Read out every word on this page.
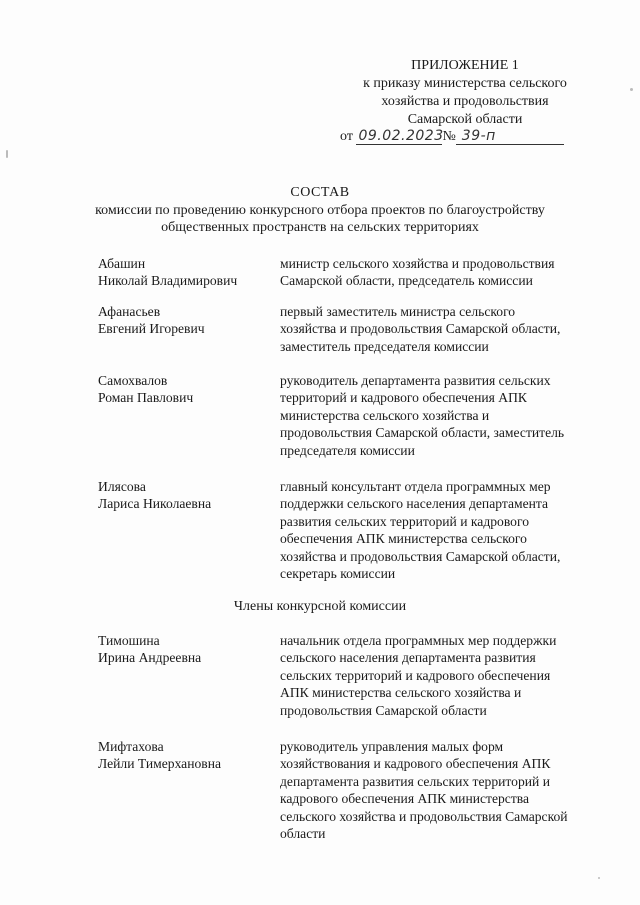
ПРИЛОЖЕНИЕ 1
к приказу министерства сельского
хозяйства и продовольствия
Самарской области
от 09.02.2023№ 39-п
СОСТАВ
комиссии по проведению конкурсного отбора проектов по благоустройству
общественных пространств на сельских территориях
Абашин
Николай Владимирович
министр сельского хозяйства и продовольствия
Самарской области, председатель комиссии
Афанасьев
Евгений Игоревич
первый заместитель министра сельского
хозяйства и продовольствия Самарской области,
заместитель председателя комиссии
Самохвалов
Роман Павлович
руководитель департамента развития сельских
территорий и кадрового обеспечения АПК
министерства сельского хозяйства и
продовольствия Самарской области, заместитель
председателя комиссии
Илясова
Лариса Николаевна
главный консультант отдела программных мер
поддержки сельского населения департамента
развития сельских территорий и кадрового
обеспечения АПК министерства сельского
хозяйства и продовольствия Самарской области,
секретарь комиссии
Члены конкурсной комиссии
Тимошина
Ирина Андреевна
начальник отдела программных мер поддержки
сельского населения департамента развития
сельских территорий и кадрового обеспечения
АПК министерства сельского хозяйства и
продовольствия Самарской области
Мифтахова
Лейли Тимерхановна
руководитель управления малых форм
хозяйствования и кадрового обеспечения АПК
департамента развития сельских территорий и
кадрового обеспечения АПК министерства
сельского хозяйства и продовольствия Самарской
области
